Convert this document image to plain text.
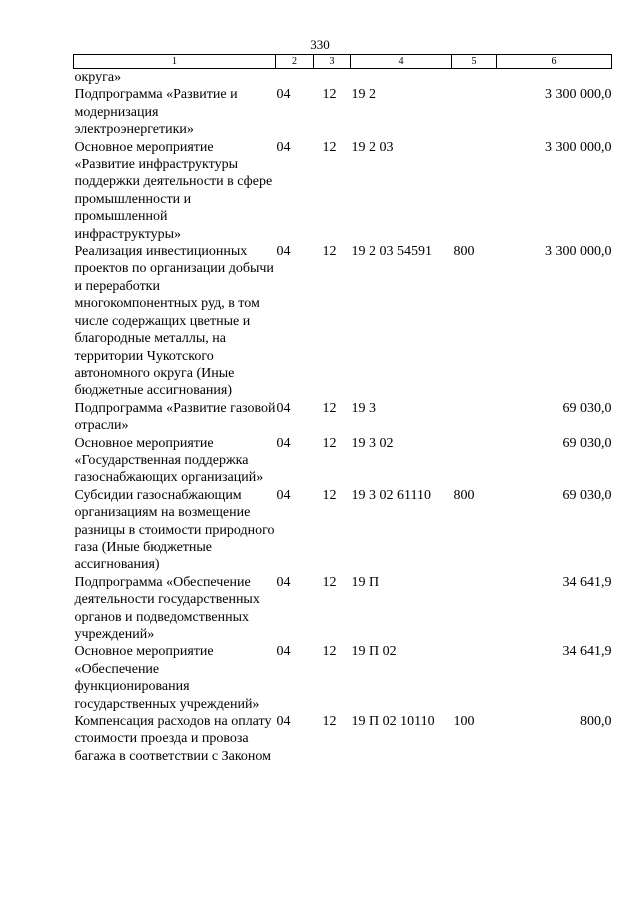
330
1	2	3	4	5	6
округа»					
Подпрограмма «Развитие и модернизация электроэнергетики»	04	12	19 2		3 300 000,0
Основное мероприятие «Развитие инфраструктуры поддержки деятельности в сфере промышленности и промышленной инфраструктуры»	04	12	19 2 03		3 300 000,0
Реализация инвестиционных проектов по организации добычи и переработки многокомпонентных руд, в том числе содержащих цветные и благородные металлы, на территории Чукотского автономного округа (Иные бюджетные ассигнования)	04	12	19 2 03 54591	800	3 300 000,0
Подпрограмма «Развитие газовой отрасли»	04	12	19 3		69 030,0
Основное мероприятие «Государственная поддержка газоснабжающих организаций»	04	12	19 3 02		69 030,0
Субсидии газоснабжающим организациям на возмещение разницы в стоимости природного газа (Иные бюджетные ассигнования)	04	12	19 3 02 61110	800	69 030,0
Подпрограмма «Обеспечение деятельности государственных органов и подведомственных учреждений»	04	12	19 П		34 641,9
Основное мероприятие «Обеспечение функционирования государственных учреждений»	04	12	19 П 02		34 641,9
Компенсация расходов на оплату стоимости проезда и провоза багажа в соответствии с Законом	04	12	19 П 02 10110	100	800,0
